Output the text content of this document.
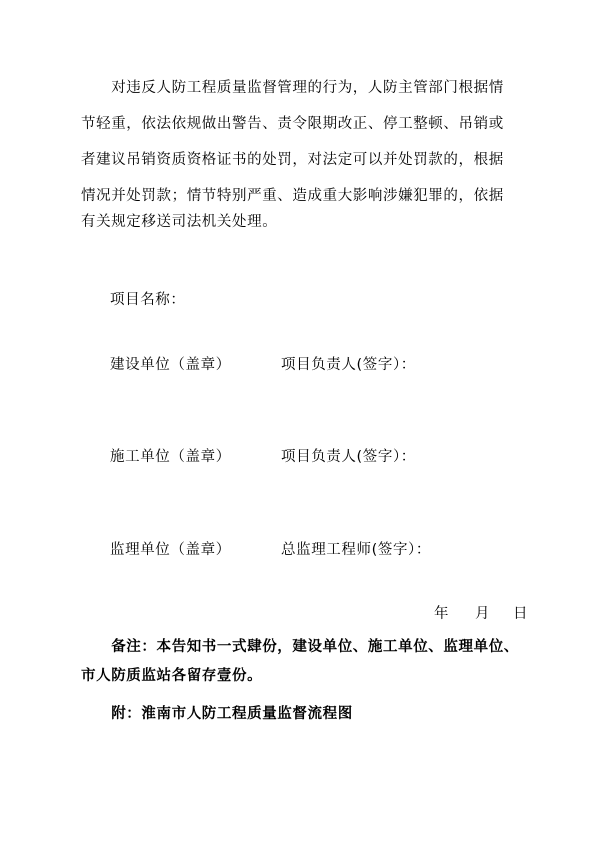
　　对违反人防工程质量监督管理的行为，人防主管部门根据情
节轻重，依法依规做出警告、责令限期改正、停工整顿、吊销或
者建议吊销资质资格证书的处罚，对法定可以并处罚款的，根据
情况并处罚款；情节特别严重、造成重大影响涉嫌犯罪的，依据
有关规定移送司法机关处理。
项目名称：
建设单位（盖章）	项目负责人(签字）：
施工单位（盖章）	项目负责人(签字）：
监理单位（盖章）	总监理工程师(签字）：
年 月 日
　　备注：本告知书一式肆份，建设单位、施工单位、监理单位、
市人防质监站各留存壹份。
　　附：淮南市人防工程质量监督流程图
